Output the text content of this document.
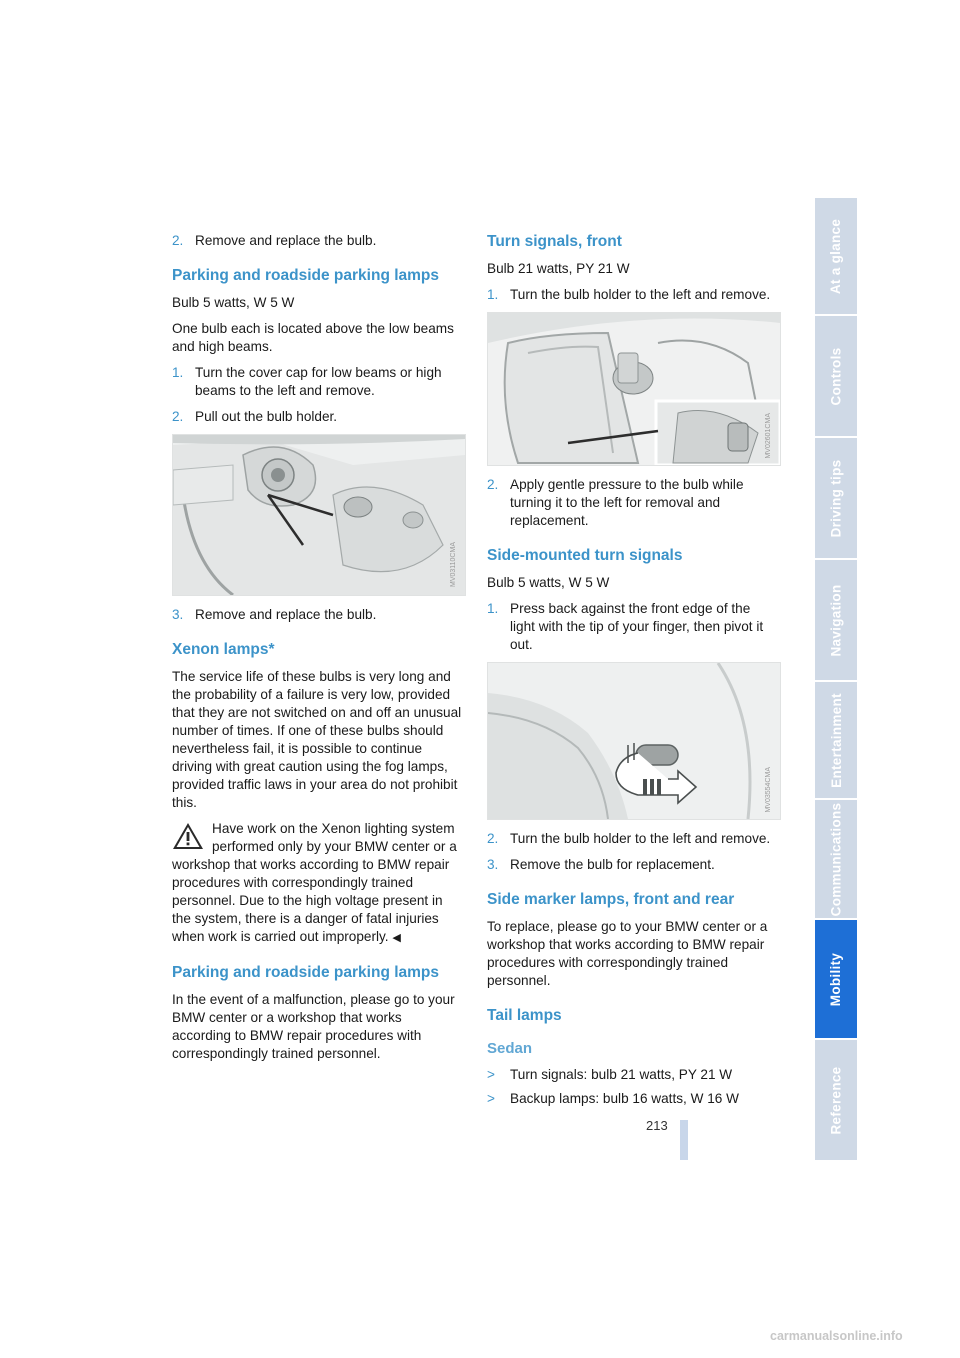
2. Remove and replace the bulb.
Parking and roadside parking lamps

Bulb 5 watts, W 5 W

One bulb each is located above the low beams and high beams.

1. Turn the cover cap for low beams or high beams to the left and remove.
2. Pull out the bulb holder.
MV03110CMA
3. Remove and replace the bulb.
Xenon lamps*

The service life of these bulbs is very long and the probability of a failure is very low, provided that they are not switched on and off an unusual number of times. If one of these bulbs should nevertheless fail, it is possible to continue driving with great caution using the fog lamps, provided traffic laws in your area do not prohibit this.

Have work on the Xenon lighting system performed only by your BMW center or a workshop that works according to BMW repair procedures with correspondingly trained personnel. Due to the high voltage present in the system, there is a danger of fatal injuries when work is carried out improperly. ◀
Parking and roadside parking lamps

In the event of a malfunction, please go to your BMW center or a workshop that works according to BMW repair procedures with correspondingly trained personnel.

Turn signals, front

Bulb 21 watts, PY 21 W

1. Turn the bulb holder to the left and remove.
MV02601CMA
2. Apply gentle pressure to the bulb while turning it to the left for removal and replacement.
Side-mounted turn signals

Bulb 5 watts, W 5 W

1. Press back against the front edge of the light with the tip of your finger, then pivot it out.
MV03554CMA
2. Turn the bulb holder to the left and remove.
3. Remove the bulb for replacement.
Side marker lamps, front and rear

To replace, please go to your BMW center or a workshop that works according to BMW repair procedures with correspondingly trained personnel.

Tail lamps
Sedan
> Turn signals: bulb 21 watts, PY 21 W
> Backup lamps: bulb 16 watts, W 16 W
At a glance
Controls
Driving tips
Navigation
Entertainment
Communications
Mobility
Reference
213
carmanualsonline.info
